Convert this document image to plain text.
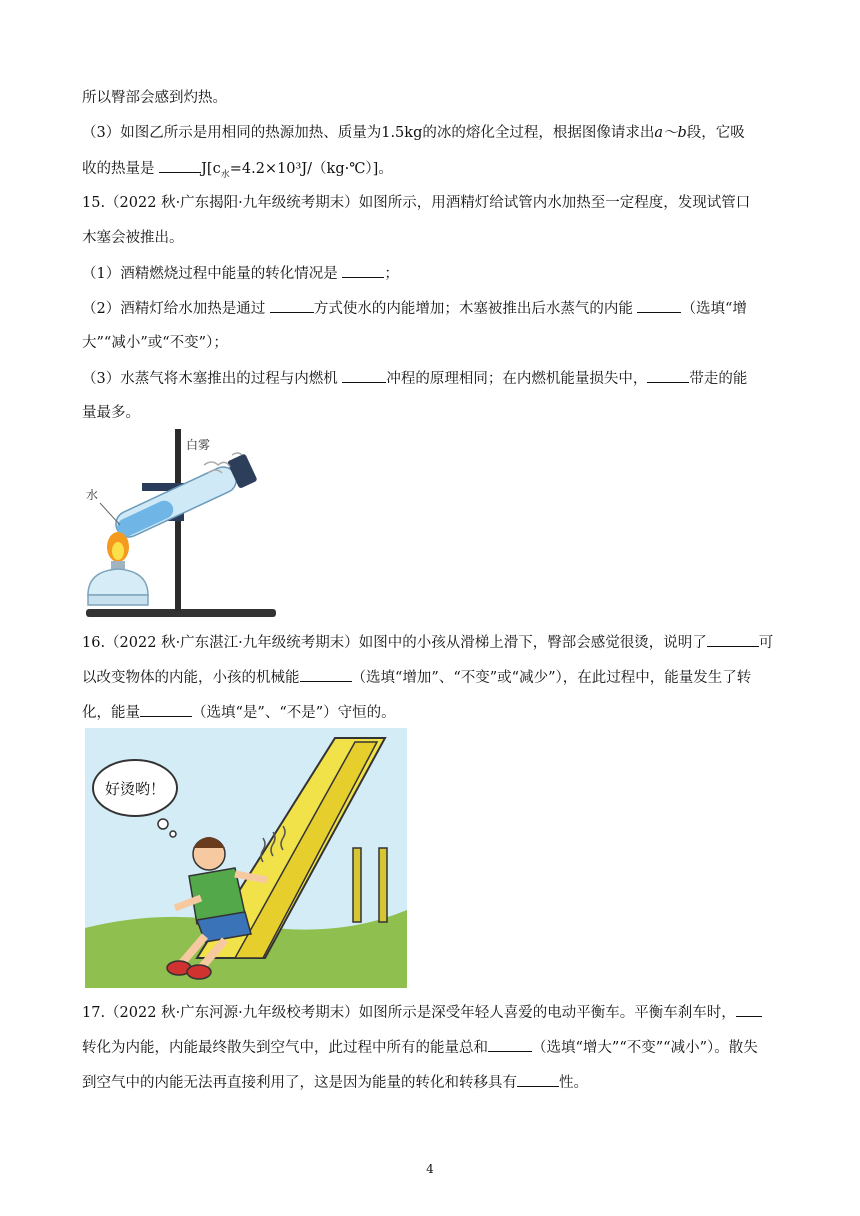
所以臀部会感到灼热。
（3）如图乙所示是用相同的热源加热、质量为1.5kg的冰的熔化全过程，根据图像请求出a～b段，它吸
收的热量是	$J[c_水=4.2\times 10^3J/(kg\cdot℃)]$。
15.（2022 秋·广东揭阳·九年级统考期末）如图所示，用酒精灯给试管内水加热至一定程度，发现试管口
木塞会被推出。
（1）酒精燃烧过程中能量的转化情况是	；
（2）酒精灯给水加热是通过	方式使水的内能增加；木塞被推出后水蒸气的内能	（选填“增
大”“减小”或“不变”）；
（3）水蒸气将木塞推出的过程与内燃机	冲程的原理相同；在内燃机能量损失中，	带走的能
量最多。
白雾
水
16.（2022 秋·广东湛江·九年级统考期末）如图中的小孩从滑梯上滑下，臀部会感觉很烫，说明了	可
以改变物体的内能，小孩的机械能	（选填“增加”、“不变”或“减少”），在此过程中，能量发生了转
化，能量	（选填“是”、“不是”）守恒的。
好烫哟！
17.（2022 秋·广东河源·九年级校考期末）如图所示是深受年轻人喜爱的电动平衡车。平衡车刹车时，
转化为内能，内能最终散失到空气中，此过程中所有的能量总和	（选填“增大”“不变”“减小”）。散失
到空气中的内能无法再直接利用了，这是因为能量的转化和转移具有	性。
4
